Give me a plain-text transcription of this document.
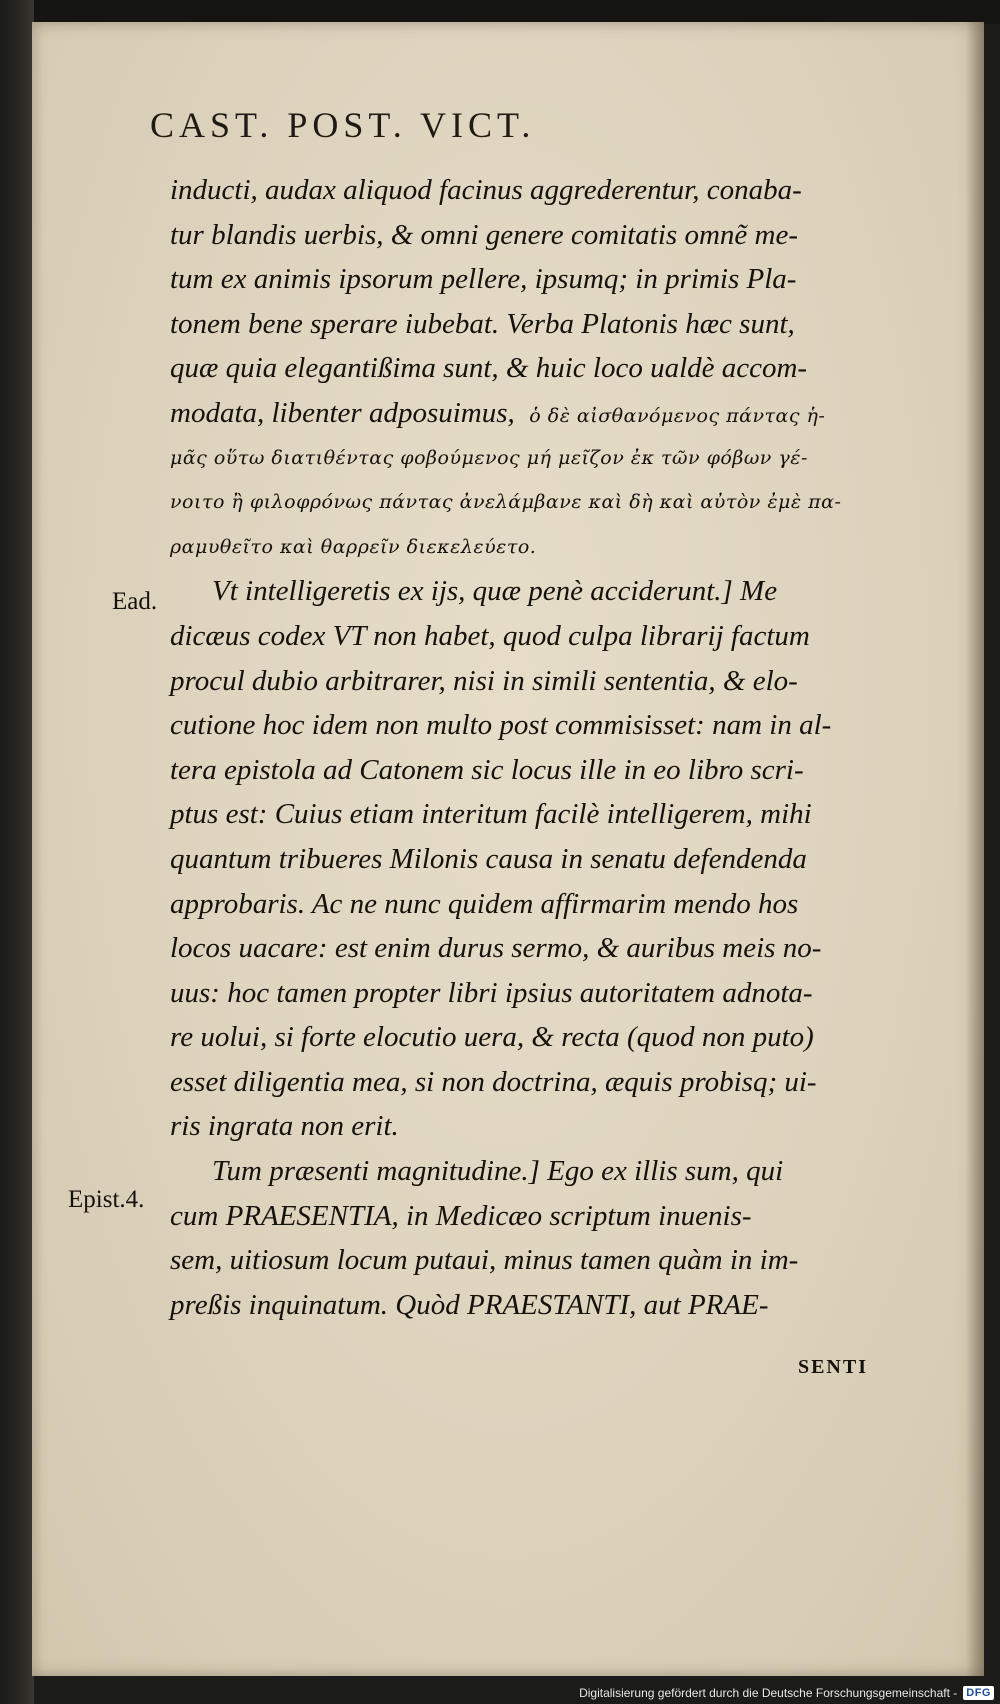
CAST. POST. VICT.
inducti, audax aliquod facinus aggrederentur, conaba-
tur blandis uerbis, & omni genere comitatis omnẽ me-
tum ex animis ipsorum pellere, ipsumq; in primis Pla-
tonem bene sperare iubebat. Verba Platonis hæc sunt,
quæ quia elegantißima sunt, & huic loco ualdè accom-
modata, libenter adposuimus, ὁ δὲ αἰσθανόμενος πάντας ἡ-
μᾶς οὕτω διατιθέντας φοβούμενος μή μεῖζον ἐκ τῶν φόβων γέ-
νοιτο ἢ φιλοφρόνως πάντας ἀνελάμβανε καὶ δὴ καὶ αὐτὸν ἐμὲ πα-
ραμυθεῖτο καὶ θαρρεῖν διεκελεύετο.
Vt intelligeretis ex ijs, quæ penè acciderunt.] Me
dicæus codex VT non habet, quod culpa librarij factum
procul dubio arbitrarer, nisi in simili sententia, & elo-
cutione hoc idem non multo post commisisset: nam in al-
tera epistola ad Catonem sic locus ille in eo libro scri-
ptus est: Cuius etiam interitum facilè intelligerem, mihi
quantum tribueres Milonis causa in senatu defendenda
approbaris. Ac ne nunc quidem affirmarim mendo hos
locos uacare: est enim durus sermo, & auribus meis no-
uus: hoc tamen propter libri ipsius autoritatem adnota-
re uolui, si forte elocutio uera, & recta (quod non puto)
esset diligentia mea, si non doctrina, æquis probisq; ui-
ris ingrata non erit.
Tum præsenti magnitudine.] Ego ex illis sum, qui
cum PRAESENTIA, in Medicæo scriptum inuenis-
sem, uitiosum locum putaui, minus tamen quàm in im-
preßis inquinatum. Quòd PRAESTANTI, aut PRAE-
Ead.
Epist.4.
SENTI
Digitalisierung gefördert durch die Deutsche Forschungsgemeinschaft - DFG
